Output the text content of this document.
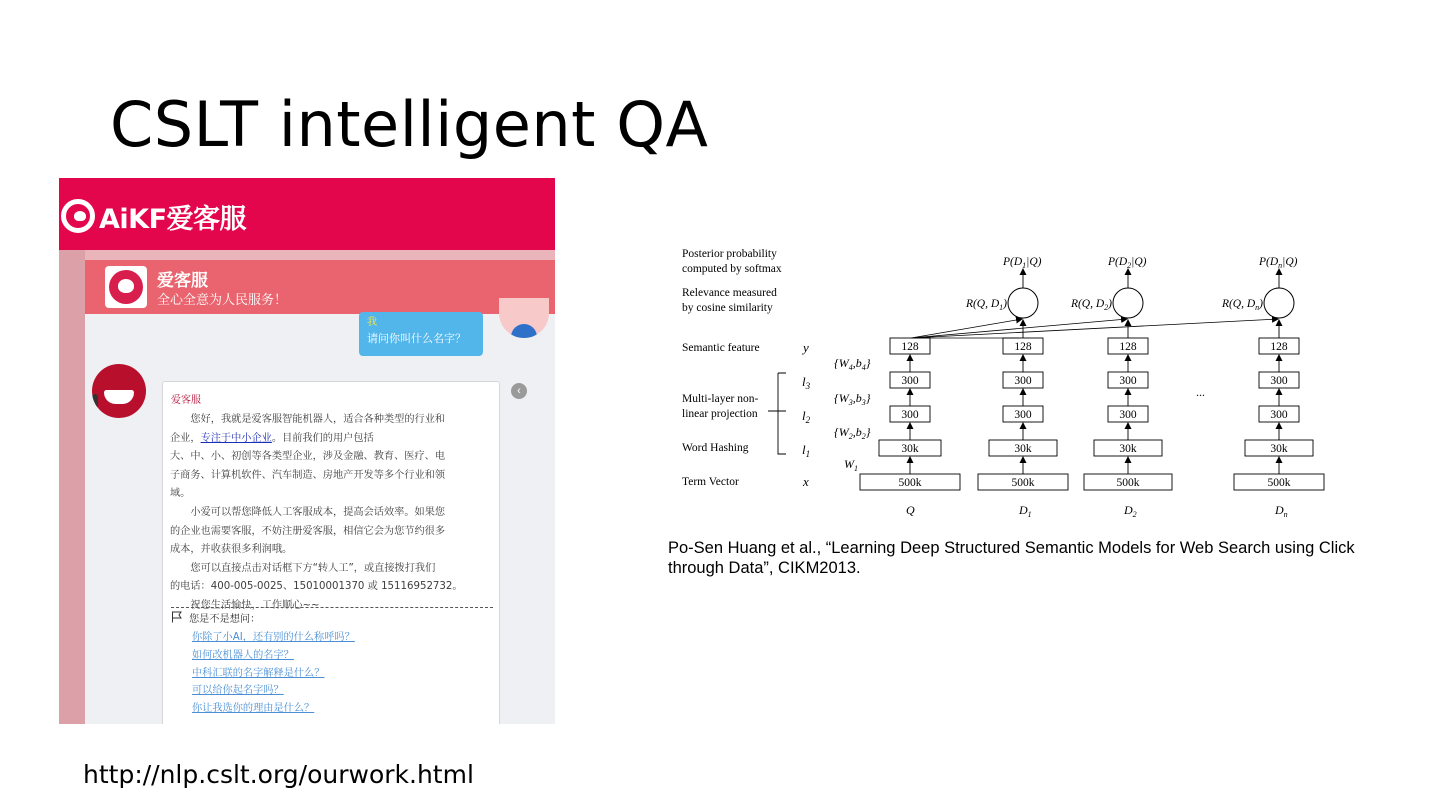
CSLT intelligent QA
AiKF爱客服
爱客服
全心全意为人民服务！
我
请问你叫什么名字？
‹
爱客服

您好，我就是爱客服智能机器人，适合各种类型的行业和

企业，专注于中小企业。目前我们的用户包括

大、中、小、初创等各类型企业，涉及金融、教育、医疗、电

子商务、计算机软件、汽车制造、房地产开发等多个行业和领

域。

小爱可以帮您降低人工客服成本，提高会话效率。如果您

的企业也需要客服，不妨注册爱客服，相信它会为您节约很多

成本，并收获很多利润哦。

您可以直接点击对话框下方“转人工”，或直接拨打我们

的电话：400-005-0025、15010001370 或 15116952732。

祝您生活愉快，工作顺心~~

您是不是想问：
你除了小AI，还有别的什么称呼吗？
如何改机器人的名字？
中科汇联的名字解释是什么？
可以给你起名字吗？
你让我选你的理由是什么？
Posterior probability
computed by softmax
Relevance measured
by cosine similarity
Semantic feature
Multi-layer non-
linear projection
Word Hashing
Term Vector
y
$l_3$
$l_2$
$l_1$
x
$\{W_4,b_4\}$
$\{W_3,b_3\}$
$\{W_2,b_2\}$
$W_1$
...
128
300
300
30k
500k
Q
128
300
300
30k
500k
$D_1$
$P(D_1|Q)$
R(Q, $D_1$)
128
300
300
30k
500k
$D_2$
$P(D_2|Q)$
R(Q, $D_2$)
128
300
300
30k
500k
$D_n$
$P(D_n|Q)$
R(Q, $D_n$)

Po-Sen Huang et al., “Learning Deep Structured Semantic Models for Web Search using Click through Data”, CIKM2013.

http://nlp.cslt.org/ourwork.html
